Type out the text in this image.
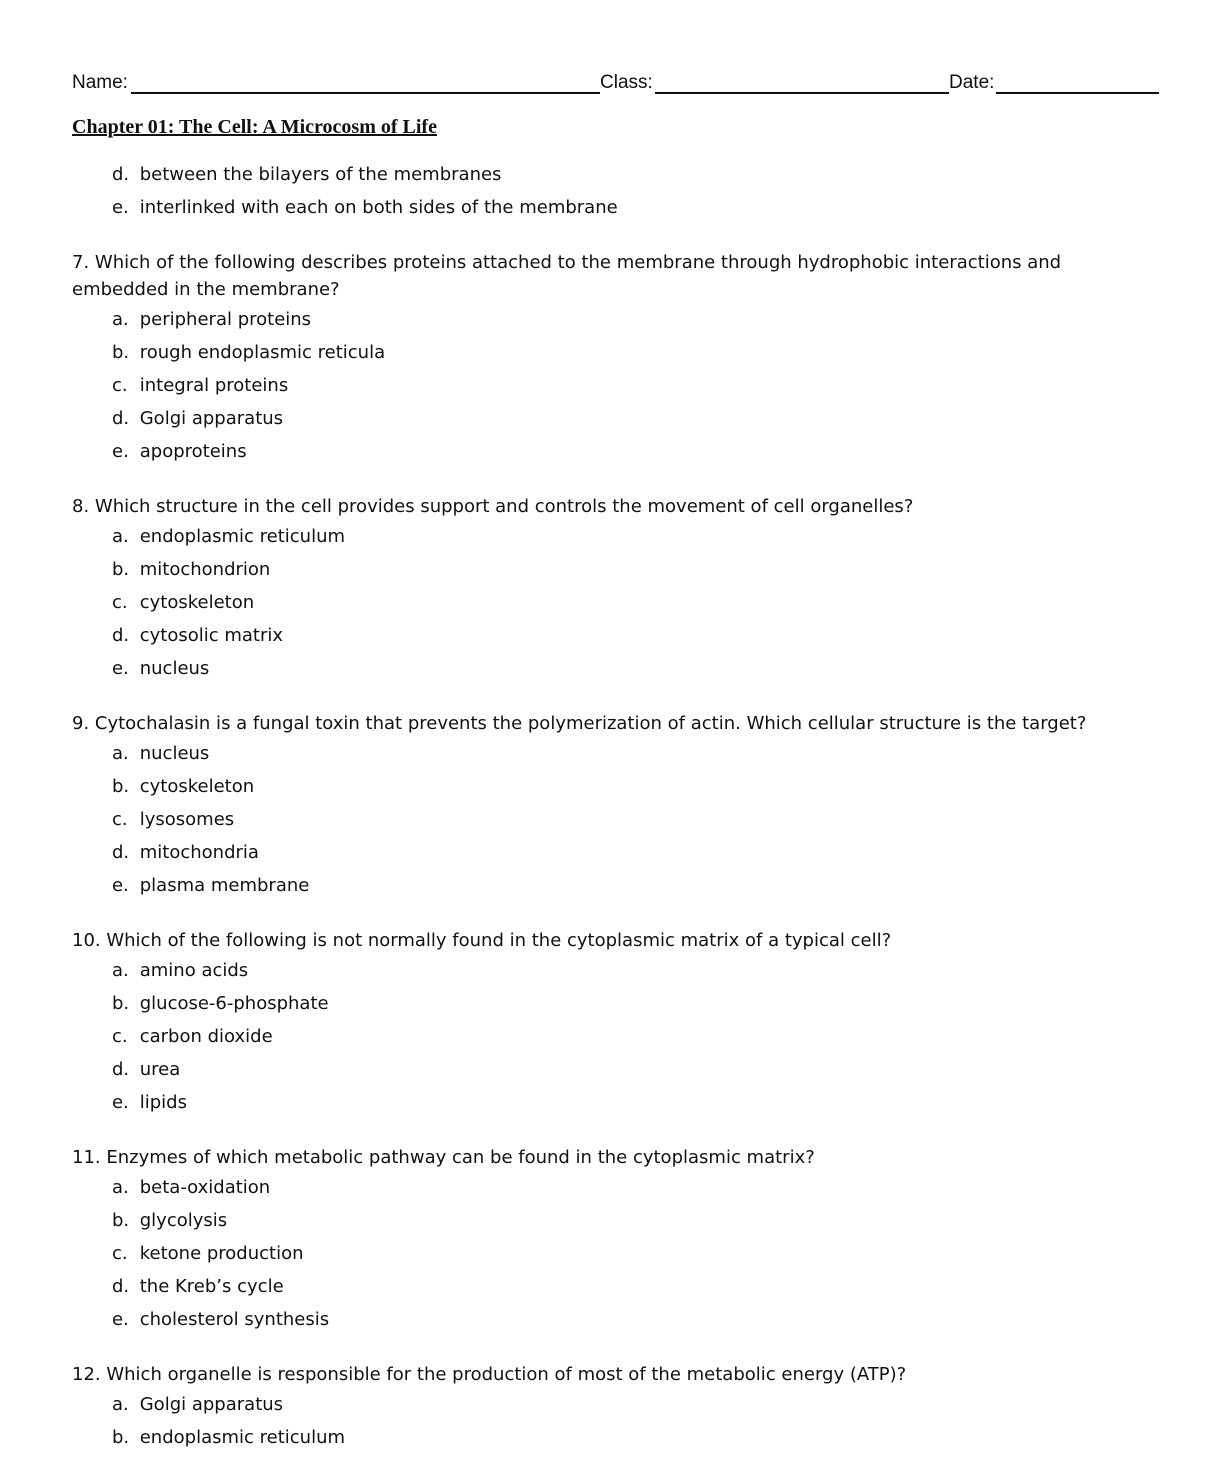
Name:	Class:	Date:
Chapter 01: The Cell: A Microcosm of Life
d. between the bilayers of the membranes
e. interlinked with each on both sides of the membrane
7. Which of the following describes proteins attached to the membrane through hydrophobic interactions and embedded in the membrane?
a. peripheral proteins
b. rough endoplasmic reticula
c. integral proteins
d. Golgi apparatus
e. apoproteins
8. Which structure in the cell provides support and controls the movement of cell organelles?
a. endoplasmic reticulum
b. mitochondrion
c. cytoskeleton
d. cytosolic matrix
e. nucleus
9. Cytochalasin is a fungal toxin that prevents the polymerization of actin. Which cellular structure is the target?
a. nucleus
b. cytoskeleton
c. lysosomes
d. mitochondria
e. plasma membrane
10. Which of the following is not normally found in the cytoplasmic matrix of a typical cell?
a. amino acids
b. glucose-6-phosphate
c. carbon dioxide
d. urea
e. lipids
11. Enzymes of which metabolic pathway can be found in the cytoplasmic matrix?
a. beta-oxidation
b. glycolysis
c. ketone production
d. the Kreb’s cycle
e. cholesterol synthesis
12. Which organelle is responsible for the production of most of the metabolic energy (ATP)?
a. Golgi apparatus
b. endoplasmic reticulum
